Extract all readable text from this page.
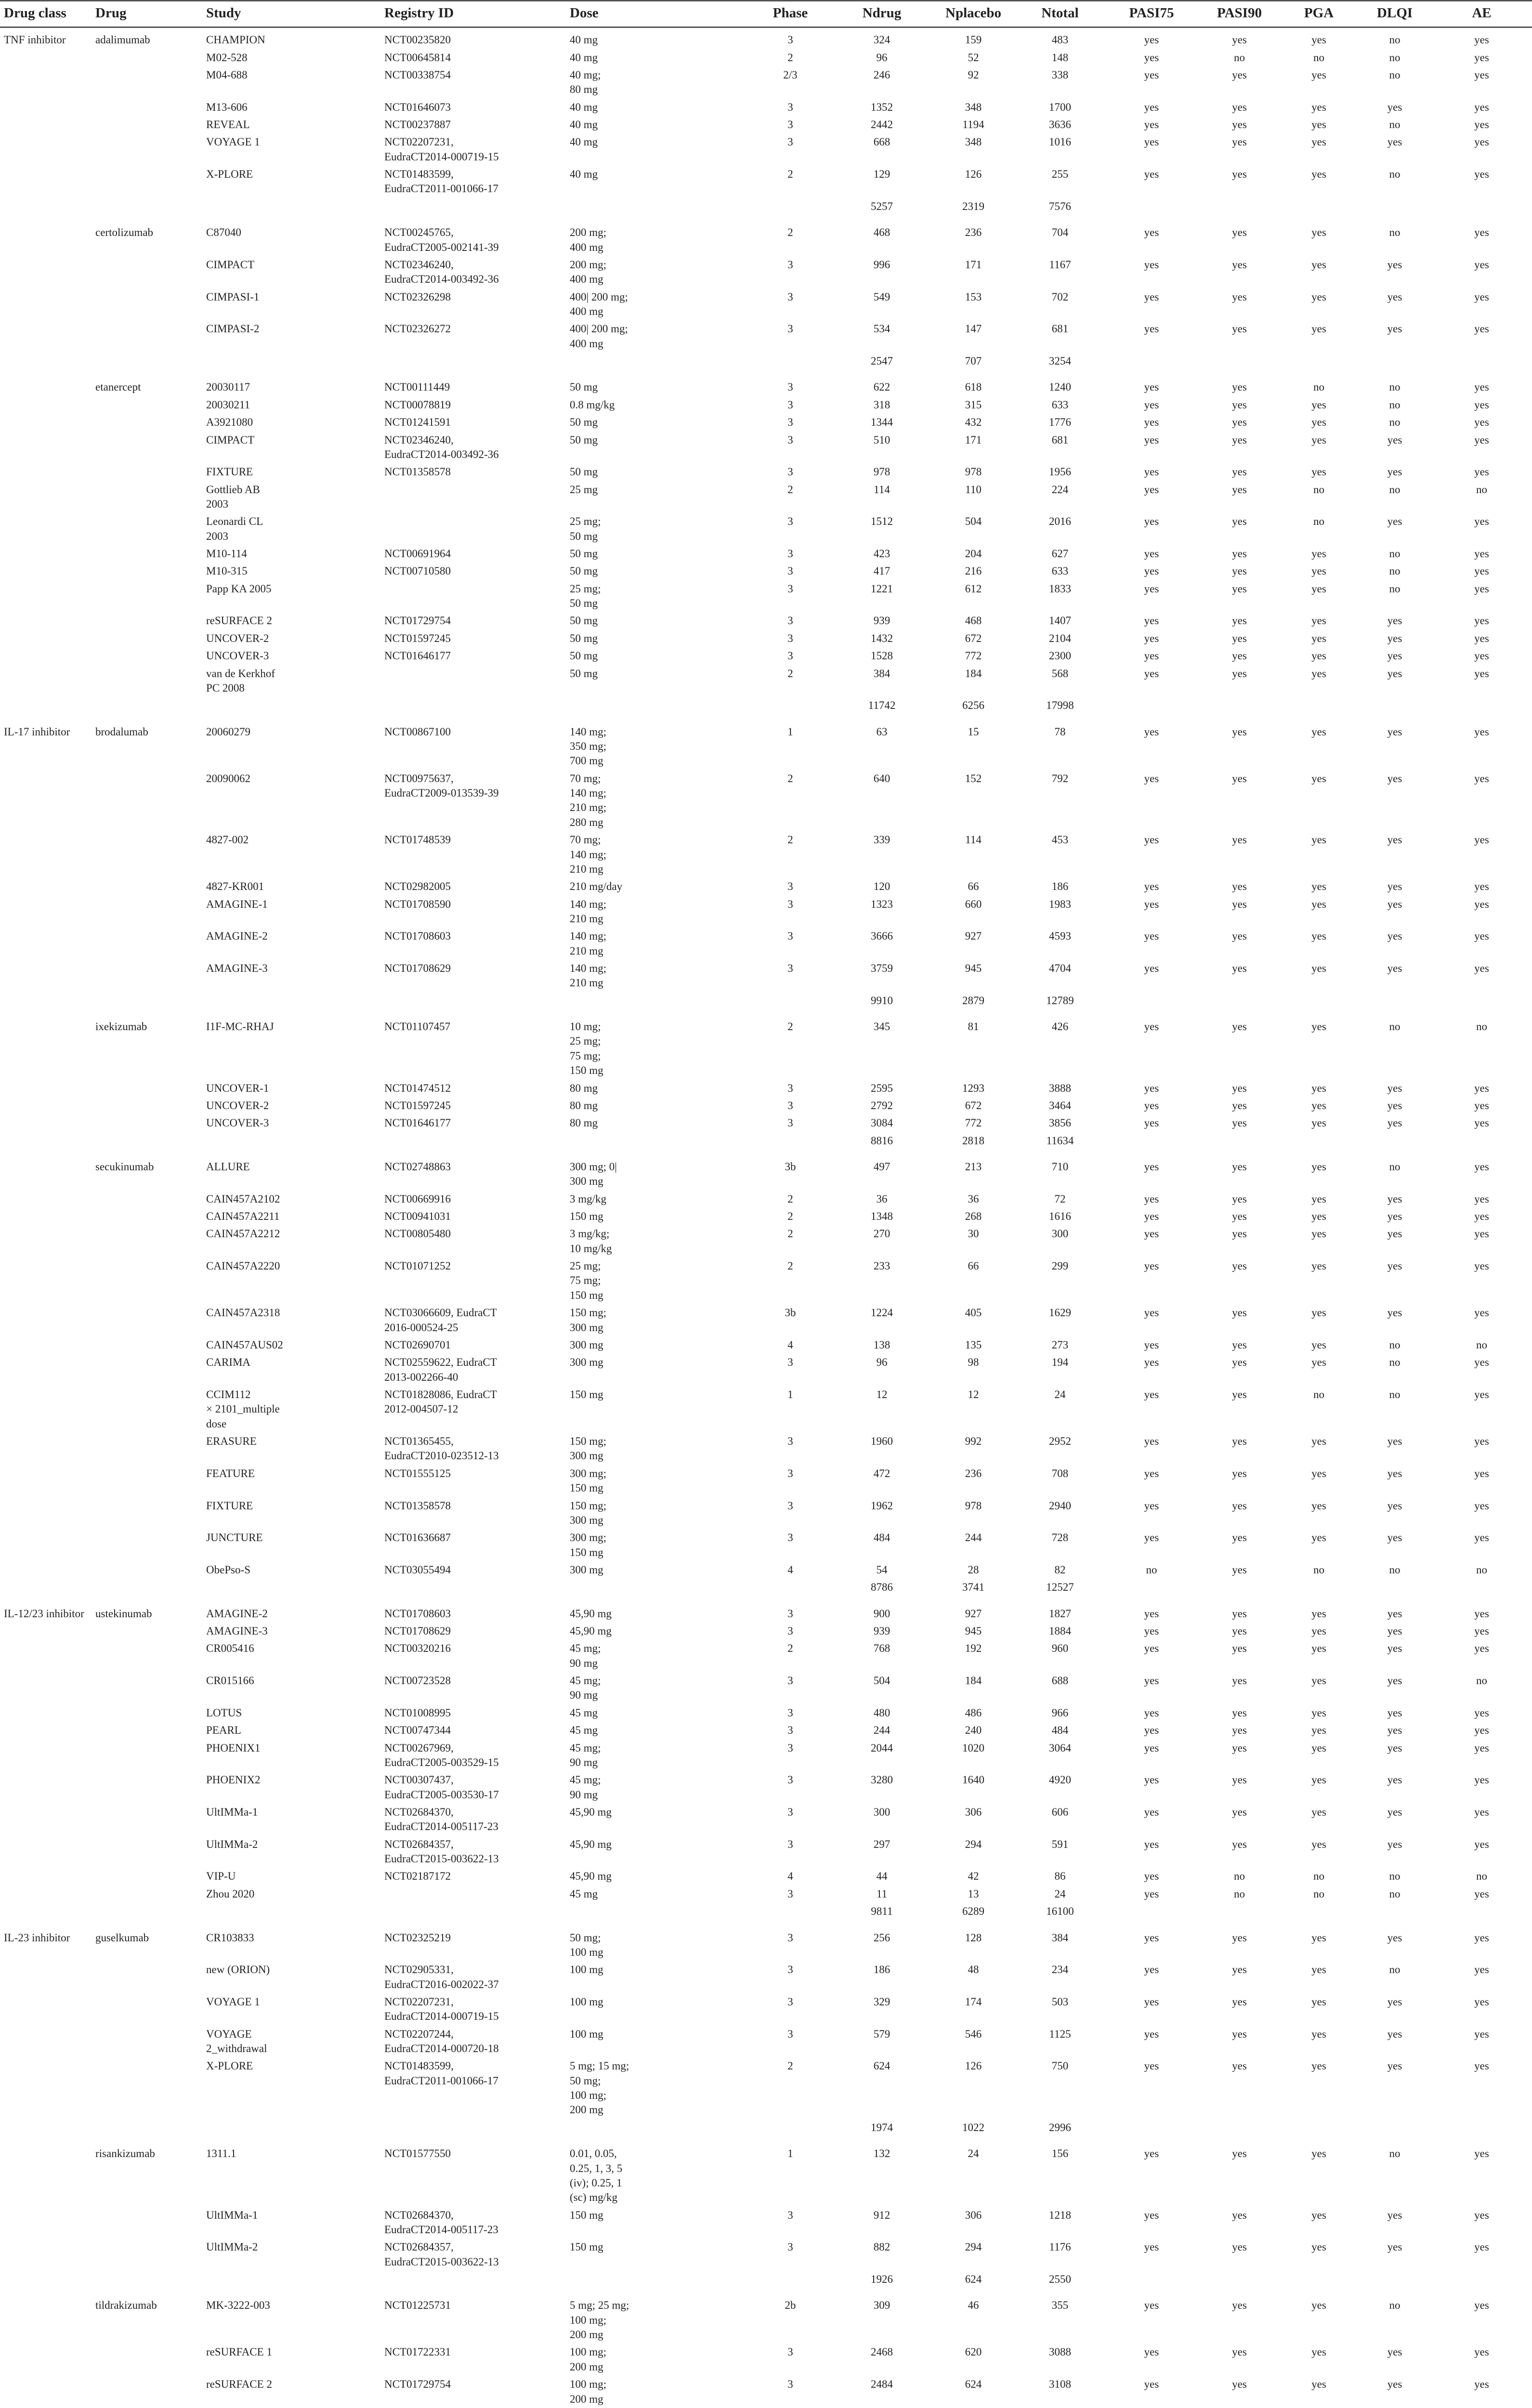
Drug class	Drug	Study	Registry ID	Dose	Phase	Ndrug	Nplacebo	Ntotal	PASI75	PASI90	PGA	DLQI	AE
TNF inhibitor	adalimumab	CHAMPION	NCT00235820	40 mg	3	324	159	483	yes	yes	yes	no	yes
		M02-528	NCT00645814	40 mg	2	96	52	148	yes	no	no	no	yes
		M04-688	NCT00338754	40 mg;
80 mg	2/3	246	92	338	yes	yes	yes	no	yes
		M13-606	NCT01646073	40 mg	3	1352	348	1700	yes	yes	yes	yes	yes
		REVEAL	NCT00237887	40 mg	3	2442	1194	3636	yes	yes	yes	no	yes
		VOYAGE 1	NCT02207231,
EudraCT2014-000719-15	40 mg	3	668	348	1016	yes	yes	yes	yes	yes
		X-PLORE	NCT01483599,
EudraCT2011-001066-17	40 mg	2	129	126	255	yes	yes	yes	no	yes
						5257	2319	7576					
	certolizumab	C87040	NCT00245765,
EudraCT2005-002141-39	200 mg;
400 mg	2	468	236	704	yes	yes	yes	no	yes
		CIMPACT	NCT02346240,
EudraCT2014-003492-36	200 mg;
400 mg	3	996	171	1167	yes	yes	yes	yes	yes
		CIMPASI-1	NCT02326298	400| 200 mg;
400 mg	3	549	153	702	yes	yes	yes	yes	yes
		CIMPASI-2	NCT02326272	400| 200 mg;
400 mg	3	534	147	681	yes	yes	yes	yes	yes
						2547	707	3254					
	etanercept	20030117	NCT00111449	50 mg	3	622	618	1240	yes	yes	no	no	yes
		20030211	NCT00078819	0.8 mg/kg	3	318	315	633	yes	yes	yes	no	yes
		A3921080	NCT01241591	50 mg	3	1344	432	1776	yes	yes	yes	no	yes
		CIMPACT	NCT02346240,
EudraCT2014-003492-36	50 mg	3	510	171	681	yes	yes	yes	yes	yes
		FIXTURE	NCT01358578	50 mg	3	978	978	1956	yes	yes	yes	yes	yes
		Gottlieb AB
2003		25 mg	2	114	110	224	yes	yes	no	no	no
		Leonardi CL
2003		25 mg;
50 mg	3	1512	504	2016	yes	yes	no	yes	yes
		M10-114	NCT00691964	50 mg	3	423	204	627	yes	yes	yes	no	yes
		M10-315	NCT00710580	50 mg	3	417	216	633	yes	yes	yes	no	yes
		Papp KA 2005		25 mg;
50 mg	3	1221	612	1833	yes	yes	yes	no	yes
		reSURFACE 2	NCT01729754	50 mg	3	939	468	1407	yes	yes	yes	yes	yes
		UNCOVER-2	NCT01597245	50 mg	3	1432	672	2104	yes	yes	yes	yes	yes
		UNCOVER-3	NCT01646177	50 mg	3	1528	772	2300	yes	yes	yes	yes	yes
		van de Kerkhof
PC 2008		50 mg	2	384	184	568	yes	yes	yes	yes	yes
						11742	6256	17998					
IL-17 inhibitor	brodalumab	20060279	NCT00867100	140 mg;
350 mg;
700 mg	1	63	15	78	yes	yes	yes	yes	yes
		20090062	NCT00975637,
EudraCT2009-013539-39	70 mg;
140 mg;
210 mg;
280 mg	2	640	152	792	yes	yes	yes	yes	yes
		4827-002	NCT01748539	70 mg;
140 mg;
210 mg	2	339	114	453	yes	yes	yes	yes	yes
		4827-KR001	NCT02982005	210 mg/day	3	120	66	186	yes	yes	yes	yes	yes
		AMAGINE-1	NCT01708590	140 mg;
210 mg	3	1323	660	1983	yes	yes	yes	yes	yes
		AMAGINE-2	NCT01708603	140 mg;
210 mg	3	3666	927	4593	yes	yes	yes	yes	yes
		AMAGINE-3	NCT01708629	140 mg;
210 mg	3	3759	945	4704	yes	yes	yes	yes	yes
						9910	2879	12789					
	ixekizumab	I1F-MC-RHAJ	NCT01107457	10 mg;
25 mg;
75 mg;
150 mg	2	345	81	426	yes	yes	yes	no	no
		UNCOVER-1	NCT01474512	80 mg	3	2595	1293	3888	yes	yes	yes	yes	yes
		UNCOVER-2	NCT01597245	80 mg	3	2792	672	3464	yes	yes	yes	yes	yes
		UNCOVER-3	NCT01646177	80 mg	3	3084	772	3856	yes	yes	yes	yes	yes
						8816	2818	11634					
	secukinumab	ALLURE	NCT02748863	300 mg; 0|
300 mg	3b	497	213	710	yes	yes	yes	no	yes
		CAIN457A2102	NCT00669916	3 mg/kg	2	36	36	72	yes	yes	yes	yes	yes
		CAIN457A2211	NCT00941031	150 mg	2	1348	268	1616	yes	yes	yes	yes	yes
		CAIN457A2212	NCT00805480	3 mg/kg;
10 mg/kg	2	270	30	300	yes	yes	yes	yes	yes
		CAIN457A2220	NCT01071252	25 mg;
75 mg;
150 mg	2	233	66	299	yes	yes	yes	yes	yes
		CAIN457A2318	NCT03066609, EudraCT
2016-000524-25	150 mg;
300 mg	3b	1224	405	1629	yes	yes	yes	yes	yes
		CAIN457AUS02	NCT02690701	300 mg	4	138	135	273	yes	yes	yes	no	no
		CARIMA	NCT02559622, EudraCT
2013-002266-40	300 mg	3	96	98	194	yes	yes	yes	no	yes
		CCIM112
× 2101_multiple
dose	NCT01828086, EudraCT
2012-004507-12	150 mg	1	12	12	24	yes	yes	no	no	yes
		ERASURE	NCT01365455,
EudraCT2010-023512-13	150 mg;
300 mg	3	1960	992	2952	yes	yes	yes	yes	yes
		FEATURE	NCT01555125	300 mg;
150 mg	3	472	236	708	yes	yes	yes	yes	yes
		FIXTURE	NCT01358578	150 mg;
300 mg	3	1962	978	2940	yes	yes	yes	yes	yes
		JUNCTURE	NCT01636687	300 mg;
150 mg	3	484	244	728	yes	yes	yes	yes	yes
		ObePso-S	NCT03055494	300 mg	4	54	28	82	no	yes	no	no	no
						8786	3741	12527					
IL-12/23 inhibitor	ustekinumab	AMAGINE-2	NCT01708603	45,90 mg	3	900	927	1827	yes	yes	yes	yes	yes
		AMAGINE-3	NCT01708629	45,90 mg	3	939	945	1884	yes	yes	yes	yes	yes
		CR005416	NCT00320216	45 mg;
90 mg	2	768	192	960	yes	yes	yes	yes	yes
		CR015166	NCT00723528	45 mg;
90 mg	3	504	184	688	yes	yes	yes	yes	no
		LOTUS	NCT01008995	45 mg	3	480	486	966	yes	yes	yes	yes	yes
		PEARL	NCT00747344	45 mg	3	244	240	484	yes	yes	yes	yes	yes
		PHOENIX1	NCT00267969,
EudraCT2005-003529-15	45 mg;
90 mg	3	2044	1020	3064	yes	yes	yes	yes	yes
		PHOENIX2	NCT00307437,
EudraCT2005-003530-17	45 mg;
90 mg	3	3280	1640	4920	yes	yes	yes	yes	yes
		UltIMMa-1	NCT02684370,
EudraCT2014-005117-23	45,90 mg	3	300	306	606	yes	yes	yes	yes	yes
		UltIMMa-2	NCT02684357,
EudraCT2015-003622-13	45,90 mg	3	297	294	591	yes	yes	yes	yes	yes
		VIP-U	NCT02187172	45,90 mg	4	44	42	86	yes	no	no	no	no
		Zhou 2020		45 mg	3	11	13	24	yes	no	no	no	yes
						9811	6289	16100					
IL-23 inhibitor	guselkumab	CR103833	NCT02325219	50 mg;
100 mg	3	256	128	384	yes	yes	yes	yes	yes
		new (ORION)	NCT02905331,
EudraCT2016-002022-37	100 mg	3	186	48	234	yes	yes	yes	no	yes
		VOYAGE 1	NCT02207231,
EudraCT2014-000719-15	100 mg	3	329	174	503	yes	yes	yes	yes	yes
		VOYAGE
2_withdrawal	NCT02207244,
EudraCT2014-000720-18	100 mg	3	579	546	1125	yes	yes	yes	yes	yes
		X-PLORE	NCT01483599,
EudraCT2011-001066-17	5 mg; 15 mg;
50 mg;
100 mg;
200 mg	2	624	126	750	yes	yes	yes	yes	yes
						1974	1022	2996					
	risankizumab	1311.1	NCT01577550	0.01, 0.05,
0.25, 1, 3, 5
(iv); 0.25, 1
(sc) mg/kg	1	132	24	156	yes	yes	yes	no	yes
		UltIMMa-1	NCT02684370,
EudraCT2014-005117-23	150 mg	3	912	306	1218	yes	yes	yes	yes	yes
		UltIMMa-2	NCT02684357,
EudraCT2015-003622-13	150 mg	3	882	294	1176	yes	yes	yes	yes	yes
						1926	624	2550					
	tildrakizumab	MK-3222-003	NCT01225731	5 mg; 25 mg;
100 mg;
200 mg	2b	309	46	355	yes	yes	yes	no	yes
		reSURFACE 1	NCT01722331	100 mg;
200 mg	3	2468	620	3088	yes	yes	yes	yes	yes
		reSURFACE 2	NCT01729754	100 mg;
200 mg	3	2484	624	3108	yes	yes	yes	yes	yes
